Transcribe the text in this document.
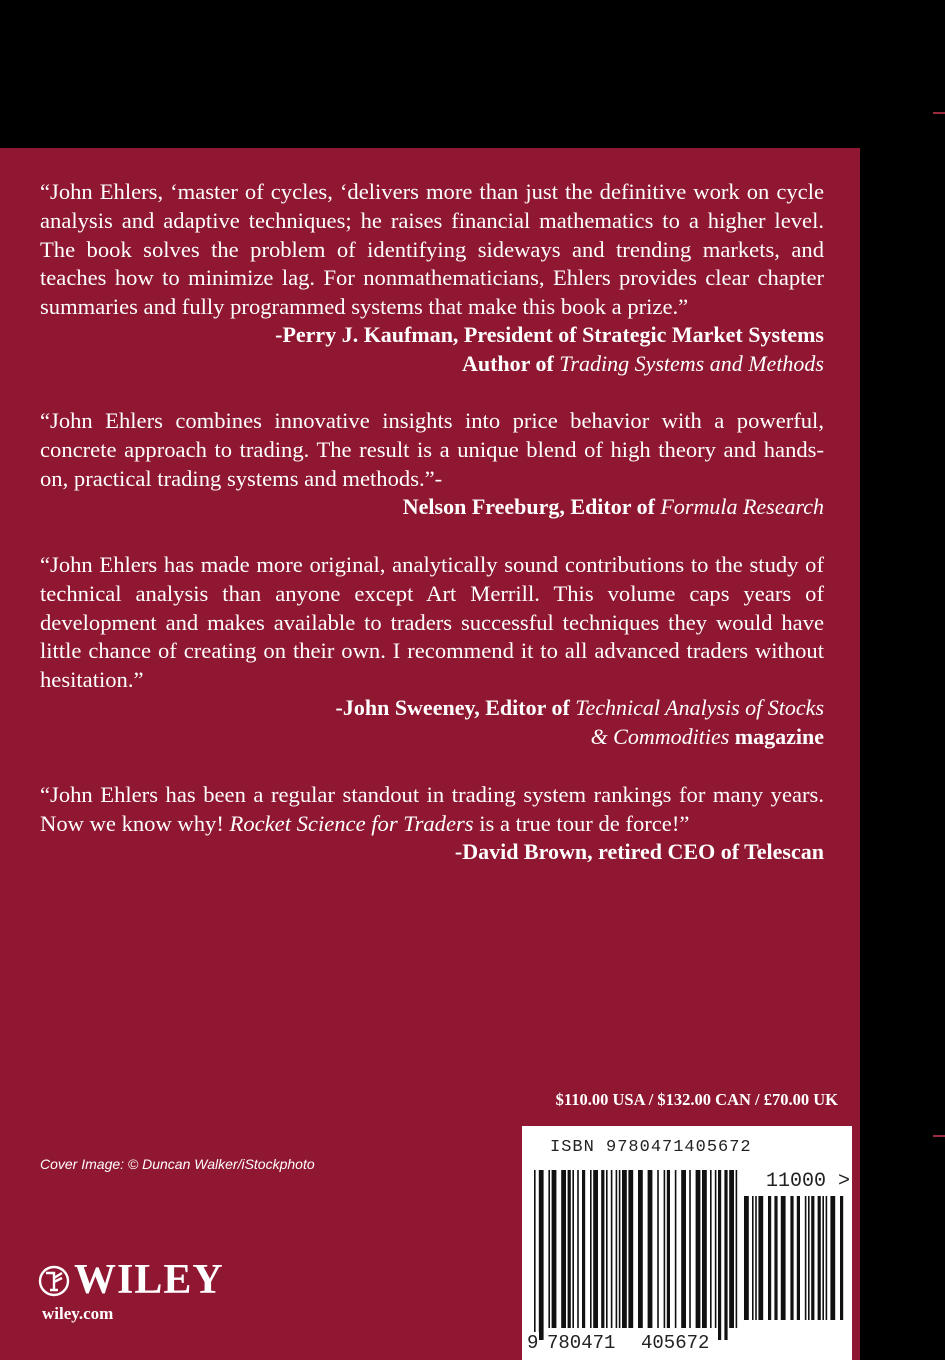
“John Ehlers, ‘master of cycles, ‘delivers more than just the definitive work on cycle analysis and adaptive techniques; he raises financial mathematics to a higher level. The book solves the problem of identifying sideways and trending markets, and teaches how to minimize lag. For nonmathematicians, Ehlers provides clear chapter summaries and fully programmed systems that make this book a prize.”

-Perry J. Kaufman, President of Strategic Market Systems
Author of Trading Systems and Methods

“John Ehlers combines innovative insights into price behavior with a powerful, concrete approach to trading. The result is a unique blend of high theory and hands-on, practical trading systems and methods.”-

Nelson Freeburg, Editor of Formula Research

“John Ehlers has made more original, analytically sound contributions to the study of technical analysis than anyone except Art Merrill. This volume caps years of development and makes available to traders successful techniques they would have little chance of creating on their own. I recommend it to all advanced traders without hesitation.”

-John Sweeney, Editor of Technical Analysis of Stocks
& Commodities magazine

“John Ehlers has been a regular standout in trading system rankings for many years. Now we know why! Rocket Science for Traders is a true tour de force!”

-David Brown, retired CEO of Telescan
$110.00 USA / $132.00 CAN / £70.00 UK
Cover Image: © Duncan Walker/iStockphoto
ISBN 9780471405672
11000 >
9 780471 405672
WILEY
wiley.com
